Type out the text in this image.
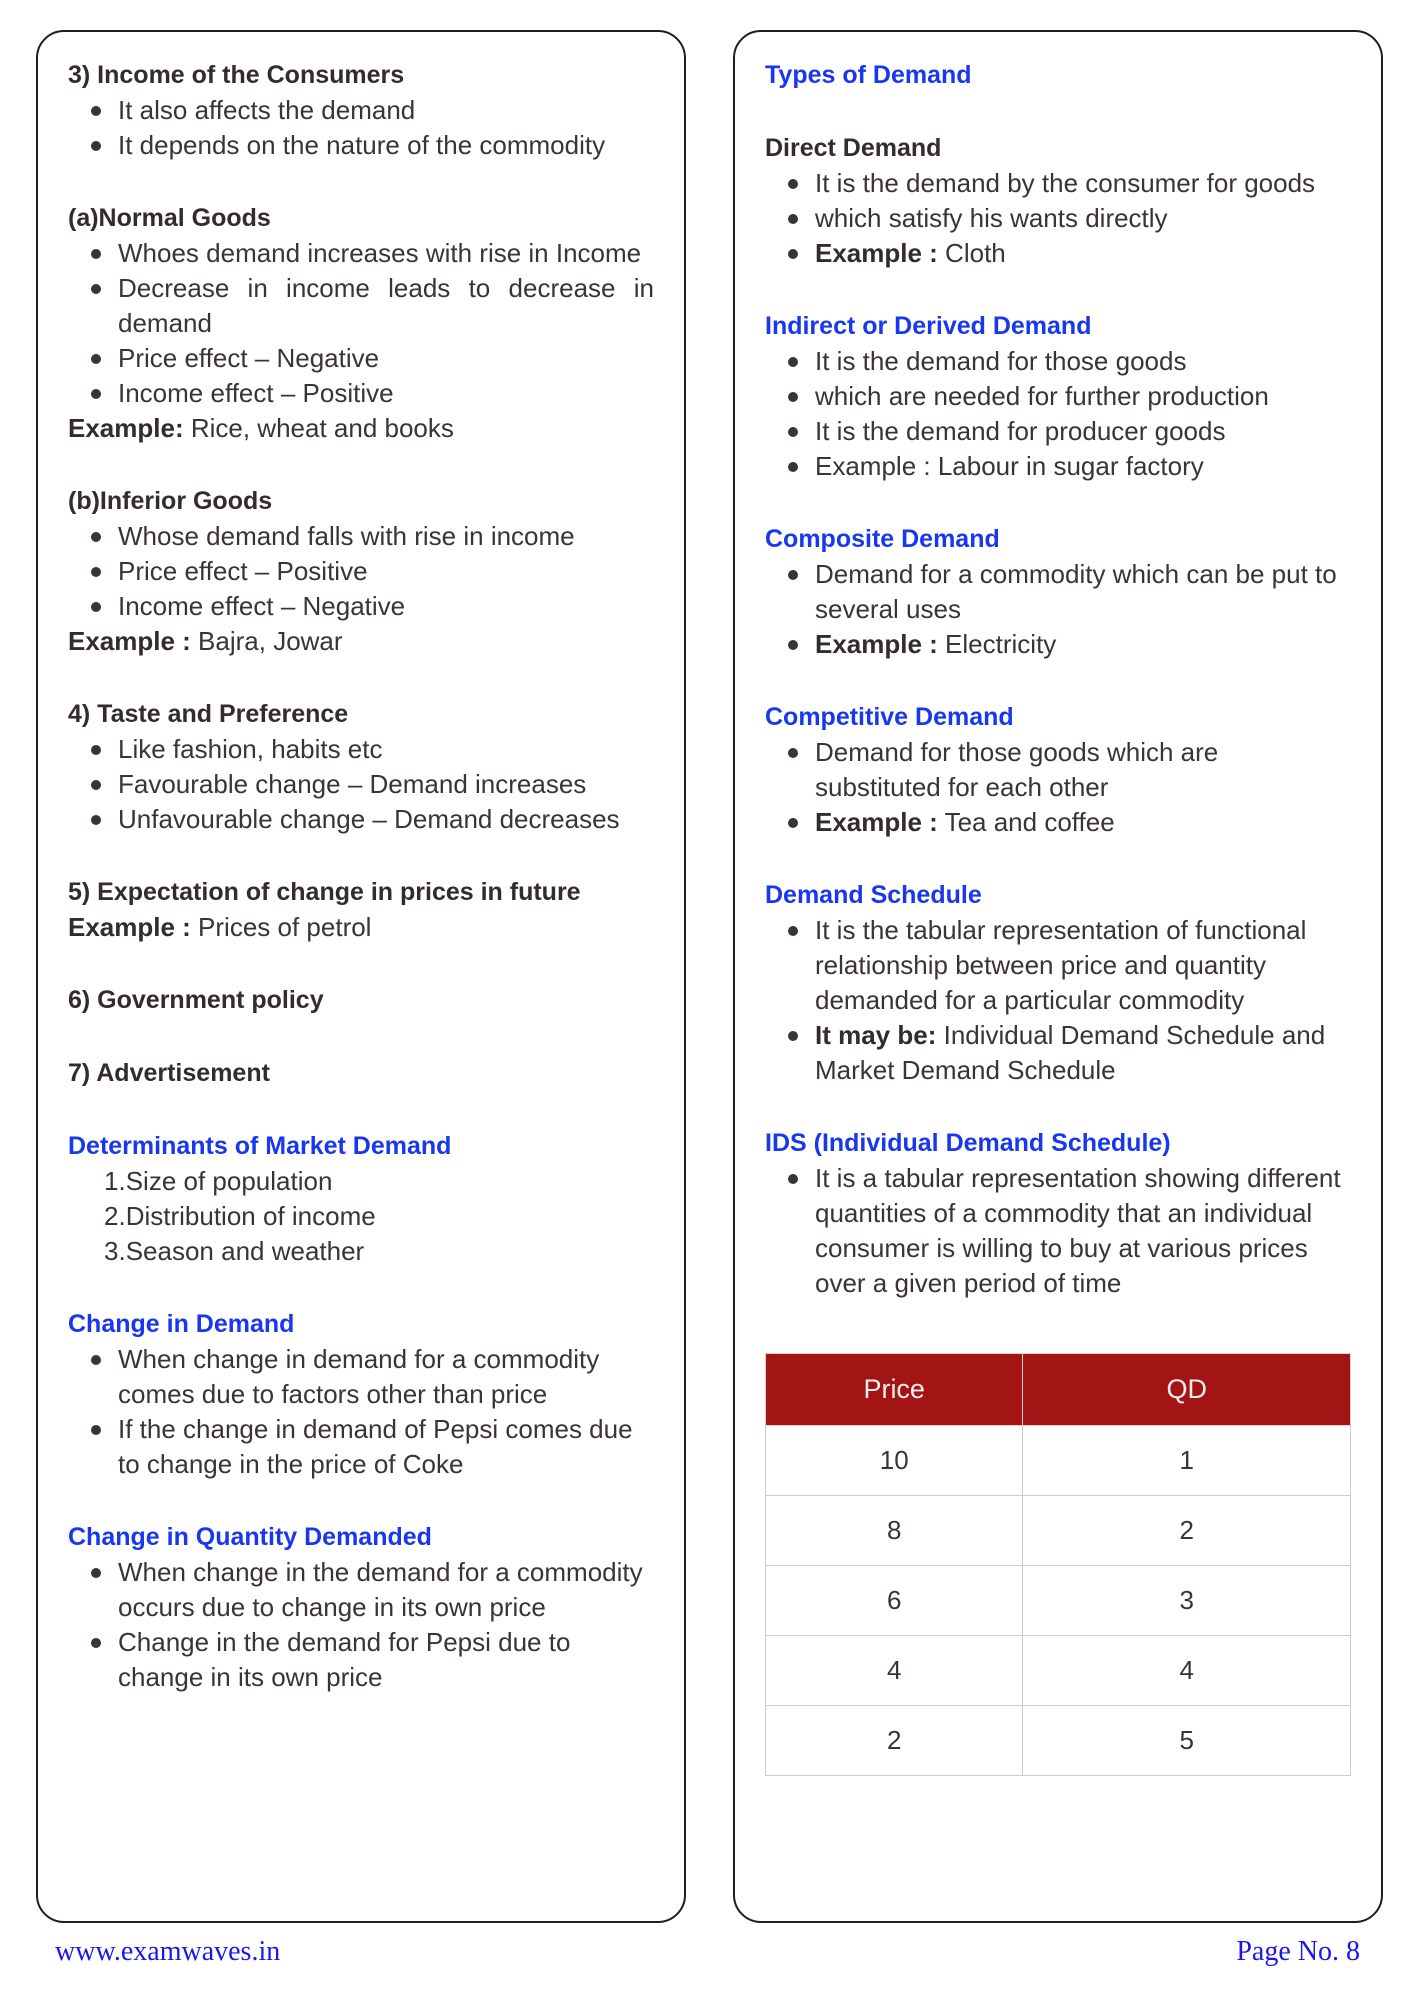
3) Income of the Consumers
It also affects the demand
It depends on the nature of the commodity
(a)Normal Goods
Whoes demand increases with rise in Income
Decrease in income leads to decrease in demand
Price effect – Negative
Income effect – Positive

Example: Rice, wheat and books

(b)Inferior Goods
Whose demand falls with rise in income
Price effect – Positive
Income effect – Negative

Example : Bajra, Jowar

4) Taste and Preference
Like fashion, habits etc
Favourable change – Demand increases
Unfavourable change – Demand decreases
5) Expectation of change in prices in future

Example : Prices of petrol

6) Government policy
7) Advertisement
Determinants of Market Demand
Size of population
Distribution of income
Season and weather
Change in Demand
When change in demand for a commodity comes due to factors other than price
If the change in demand of Pepsi comes due to change in the price of Coke
Change in Quantity Demanded
When change in the demand for a commodity occurs due to change in its own price
Change in the demand for Pepsi due to change in its own price
Types of Demand
Direct Demand
It is the demand by the consumer for goods
which satisfy his wants directly
Example : Cloth
Indirect or Derived Demand
It is the demand for those goods
which are needed for further production
It is the demand for producer goods
Example : Labour in sugar factory
Composite Demand
Demand for a commodity which can be put to several uses
Example : Electricity
Competitive Demand
Demand for those goods which are substituted for each other
Example : Tea and coffee
Demand Schedule
It is the tabular representation of functional relationship between price and quantity demanded for a particular commodity
It may be: Individual Demand Schedule and Market Demand Schedule
IDS (Individual Demand Schedule)
It is a tabular representation showing different quantities of a commodity that an individual consumer is willing to buy at various prices over a given period of time
Price	QD
10	1
8	2
6	3
4	4
2	5
www.examwaves.in	Page No. 8
